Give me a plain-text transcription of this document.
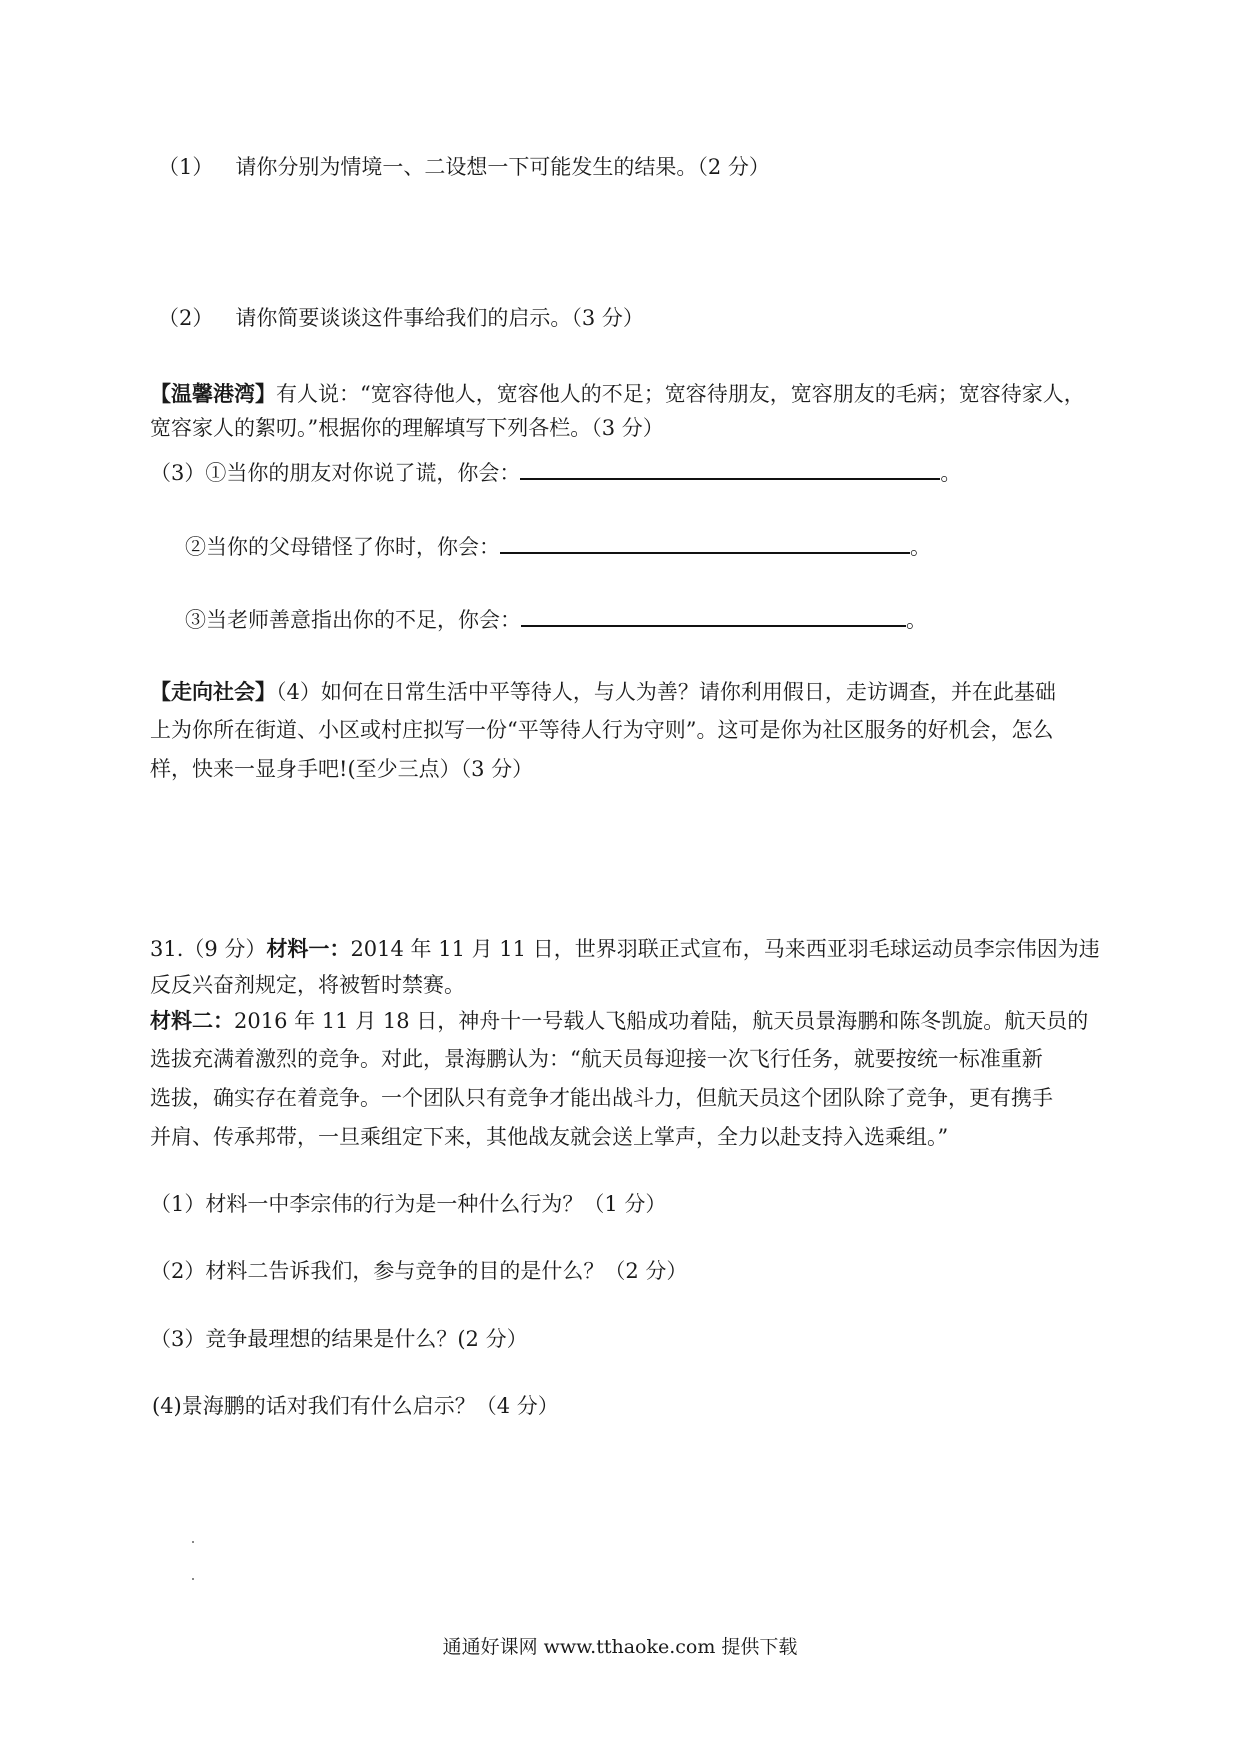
（1） 请你分别为情境一、二设想一下可能发生的结果。（2 分）
（2） 请你简要谈谈这件事给我们的启示。（3 分）
【温馨港湾】有人说：“宽容待他人，宽容他人的不足；宽容待朋友，宽容朋友的毛病；宽容待家人，
宽容家人的絮叨。”根据你的理解填写下列各栏。（3 分）
（3）①当你的朋友对你说了谎，你会：	。
②当你的父母错怪了你时，你会：	。
③当老师善意指出你的不足，你会：	。
【走向社会】（4）如何在日常生活中平等待人，与人为善？请你利用假日，走访调查，并在此基础
上为你所在街道、小区或村庄拟写一份“平等待人行为守则”。这可是你为社区服务的好机会，怎么
样，快来一显身手吧!(至少三点）（3 分）
31.（9 分）材料一：2014 年 11 月 11 日，世界羽联正式宣布，马来西亚羽毛球运动员李宗伟因为违
反反兴奋剂规定，将被暂时禁赛。
材料二：2016 年 11 月 18 日，神舟十一号载人飞船成功着陆，航天员景海鹏和陈冬凯旋。航天员的
选拔充满着激烈的竞争。对此，景海鹏认为：“航天员每迎接一次飞行任务，就要按统一标准重新
选拔，确实存在着竞争。一个团队只有竞争才能出战斗力，但航天员这个团队除了竞争，更有携手
并肩、传承邦带，一旦乘组定下来，其他战友就会送上掌声，全力以赴支持入选乘组。”
（1）材料一中李宗伟的行为是一种什么行为？（1 分）
（2）材料二告诉我们，参与竞争的目的是什么？（2 分）
（3）竞争最理想的结果是什么？(2 分）
(4)景海鹏的话对我们有什么启示？（4 分）
通通好课网 www.tthaoke.com 提供下载
